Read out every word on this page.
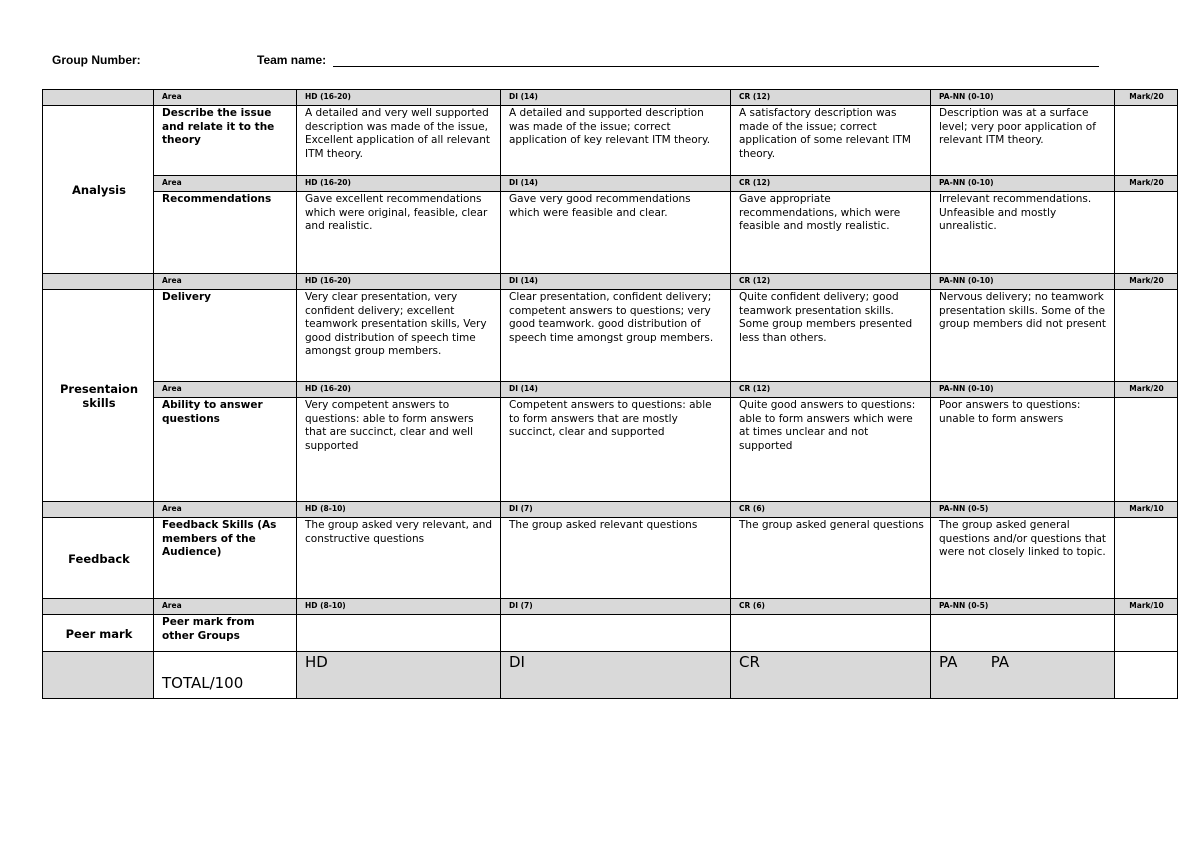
Group Number:	Team name:
	Area	HD (16-20)	DI (14)	CR (12)	PA-NN (0-10)	Mark/20
Analysis	Describe the issue and relate it to the theory	A detailed and very well supported description was made of the issue, Excellent application of all relevant ITM theory.	A detailed and supported description was made of the issue; correct application of key relevant ITM theory.	A satisfactory description was made of the issue; correct application of some relevant ITM theory.	Description was at a surface level; very poor application of relevant ITM theory.	
	Area	HD (16-20)	DI (14)	CR (12)	PA-NN (0-10)	Mark/20
	Recommendations	Gave excellent recommendations which were original, feasible, clear and realistic.	Gave very good recommendations which were feasible and clear.	Gave appropriate recommendations, which were feasible and mostly realistic.	Irrelevant recommendations. Unfeasible and mostly unrealistic.	
	Area	HD (16-20)	DI (14)	CR (12)	PA-NN (0-10)	Mark/20
Presentaion skills	Delivery	Very clear presentation, very confident delivery; excellent teamwork presentation skills, Very good distribution of speech time amongst group members.	Clear presentation, confident delivery; competent answers to questions; very good teamwork. good distribution of speech time amongst group members.	Quite confident delivery; good teamwork presentation skills. Some group members presented less than others.	Nervous delivery; no teamwork presentation skills. Some of the group members did not present	
	Area	HD (16-20)	DI (14)	CR (12)	PA-NN (0-10)	Mark/20
	Ability to answer questions	Very competent answers to questions: able to form answers that are succinct, clear and well supported	Competent answers to questions: able to form answers that are mostly succinct, clear and supported	Quite good answers to questions: able to form answers which were at times unclear and not supported	Poor answers to questions: unable to form answers	
	Area	HD (8-10)	DI (7)	CR (6)	PA-NN (0-5)	Mark/10
Feedback	Feedback Skills (As members of the Audience)	The group asked very relevant, and constructive questions	The group asked relevant questions	The group asked general questions	The group asked general questions and/or questions that were not closely linked to topic.	
	Area	HD (8-10)	DI (7)	CR (6)	PA-NN (0-5)	Mark/10
Peer mark	Peer mark from other Groups					
	TOTAL/100	HD	DI	CR	PA       PA	
